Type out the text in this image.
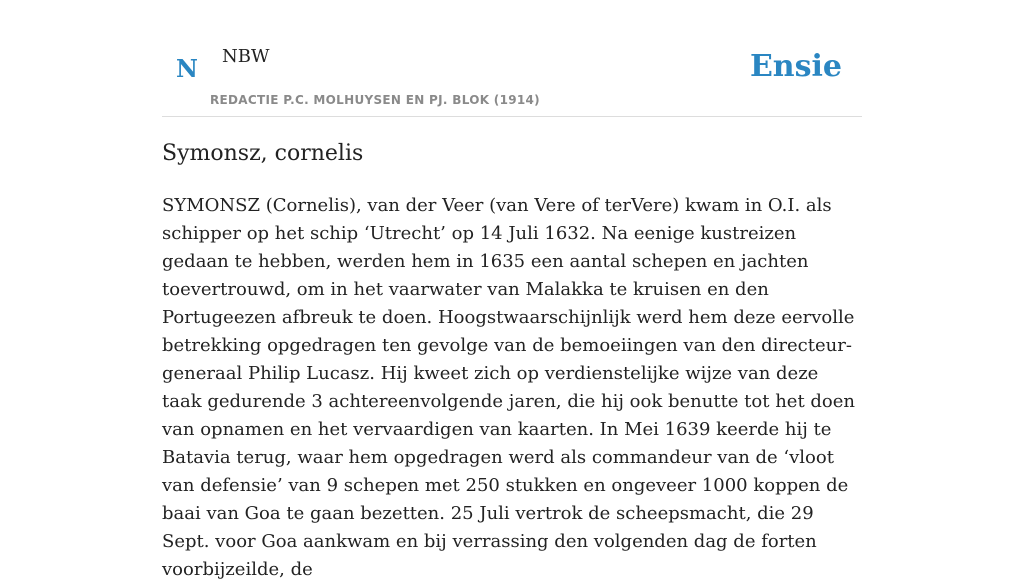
N NBW
REDACTIE P.C. MOLHUYSEN EN PJ. BLOK (1914)
Ensie
Symonsz, cornelis

SYMONSZ (Cornelis), van der Veer (van Vere of terVere) kwam in O.I. als schipper op het schip ‘Utrecht’ op 14 Juli 1632. Na eenige kustreizen gedaan te hebben, werden hem in 1635 een aantal schepen en jachten toevertrouwd, om in het vaarwater van Malakka te kruisen en den Portugeezen afbreuk te doen. Hoogstwaarschijnlijk werd hem deze eervolle betrekking opgedragen ten gevolge van de bemoeiingen van den directeur-generaal Philip Lucasz. Hij kweet zich op verdienstelijke wijze van deze taak gedurende 3 achtereenvolgende jaren, die hij ook benutte tot het doen van opnamen en het vervaardigen van kaarten. In Mei 1639 keerde hij te Batavia terug, waar hem opgedragen werd als commandeur van de ‘vloot van defensie’ van 9 schepen met 250 stukken en ongeveer 1000 koppen de baai van Goa te gaan bezetten. 25 Juli vertrok de scheepsmacht, die 29 Sept. voor Goa aankwam en bij verrassing den volgenden dag de forten voorbijzeilde, de
